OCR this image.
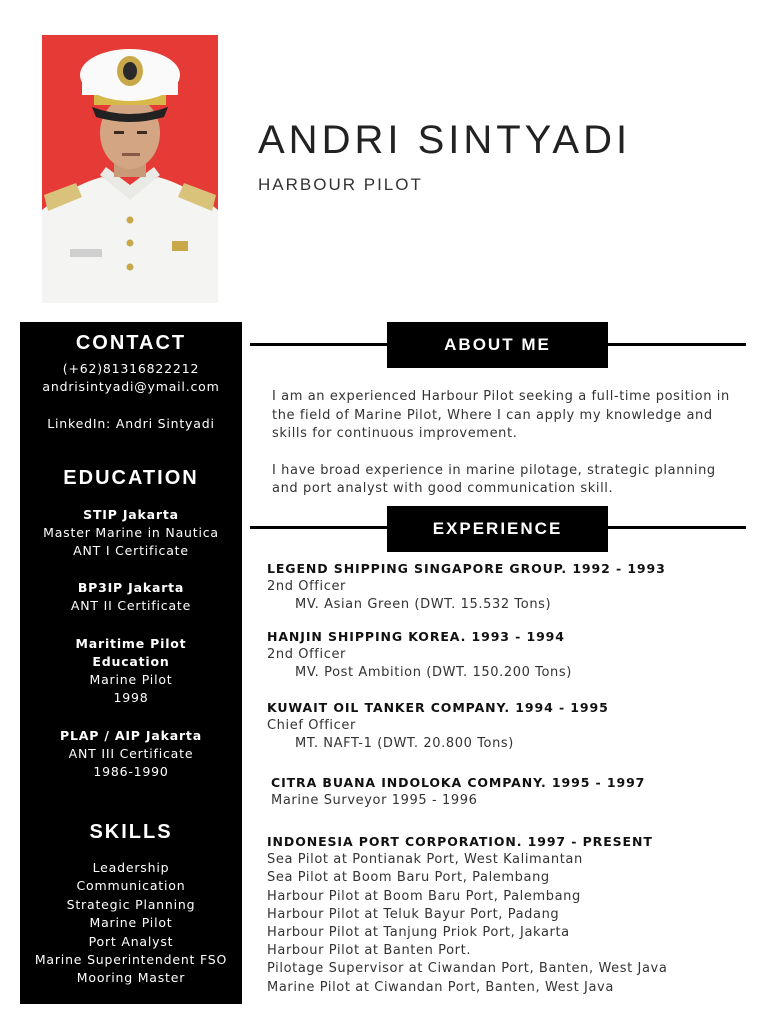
ANDRI SINTYADI
HARBOUR PILOT
CONTACT
(+62)81316822212
andrisintyadi@ymail.com
LinkedIn: Andri Sintyadi
EDUCATION
STIP Jakarta
Master Marine in Nautica
ANT I Certificate
BP3IP Jakarta
ANT II Certificate
Maritime Pilot
Education
Marine Pilot
1998
PLAP / AIP Jakarta
ANT III Certificate
1986-1990
SKILLS
Leadership
Communication
Strategic Planning
Marine Pilot
Port Analyst
Marine Superintendent FSO
Mooring Master
ABOUT ME

I am an experienced Harbour Pilot seeking a full-time position in the field of Marine Pilot, Where I can apply my knowledge and skills for continuous improvement.

I have broad experience in marine pilotage, strategic planning and port analyst with good communication skill.

EXPERIENCE
LEGEND SHIPPING SINGAPORE GROUP. 1992 - 1993
2nd Officer
MV. Asian Green (DWT. 15.532 Tons)
HANJIN SHIPPING KOREA. 1993 - 1994
2nd Officer
MV. Post Ambition (DWT. 150.200 Tons)
KUWAIT OIL TANKER COMPANY. 1994 - 1995
Chief Officer
MT. NAFT-1 (DWT. 20.800 Tons)
CITRA BUANA INDOLOKA COMPANY. 1995 - 1997
Marine Surveyor 1995 - 1996
INDONESIA PORT CORPORATION. 1997 - PRESENT
Sea Pilot at Pontianak Port, West Kalimantan
Sea Pilot at Boom Baru Port, Palembang
Harbour Pilot at Boom Baru Port, Palembang
Harbour Pilot at Teluk Bayur Port, Padang
Harbour Pilot at Tanjung Priok Port, Jakarta
Harbour Pilot at Banten Port.
Pilotage Supervisor at Ciwandan Port, Banten, West Java
Marine Pilot at Ciwandan Port, Banten, West Java
